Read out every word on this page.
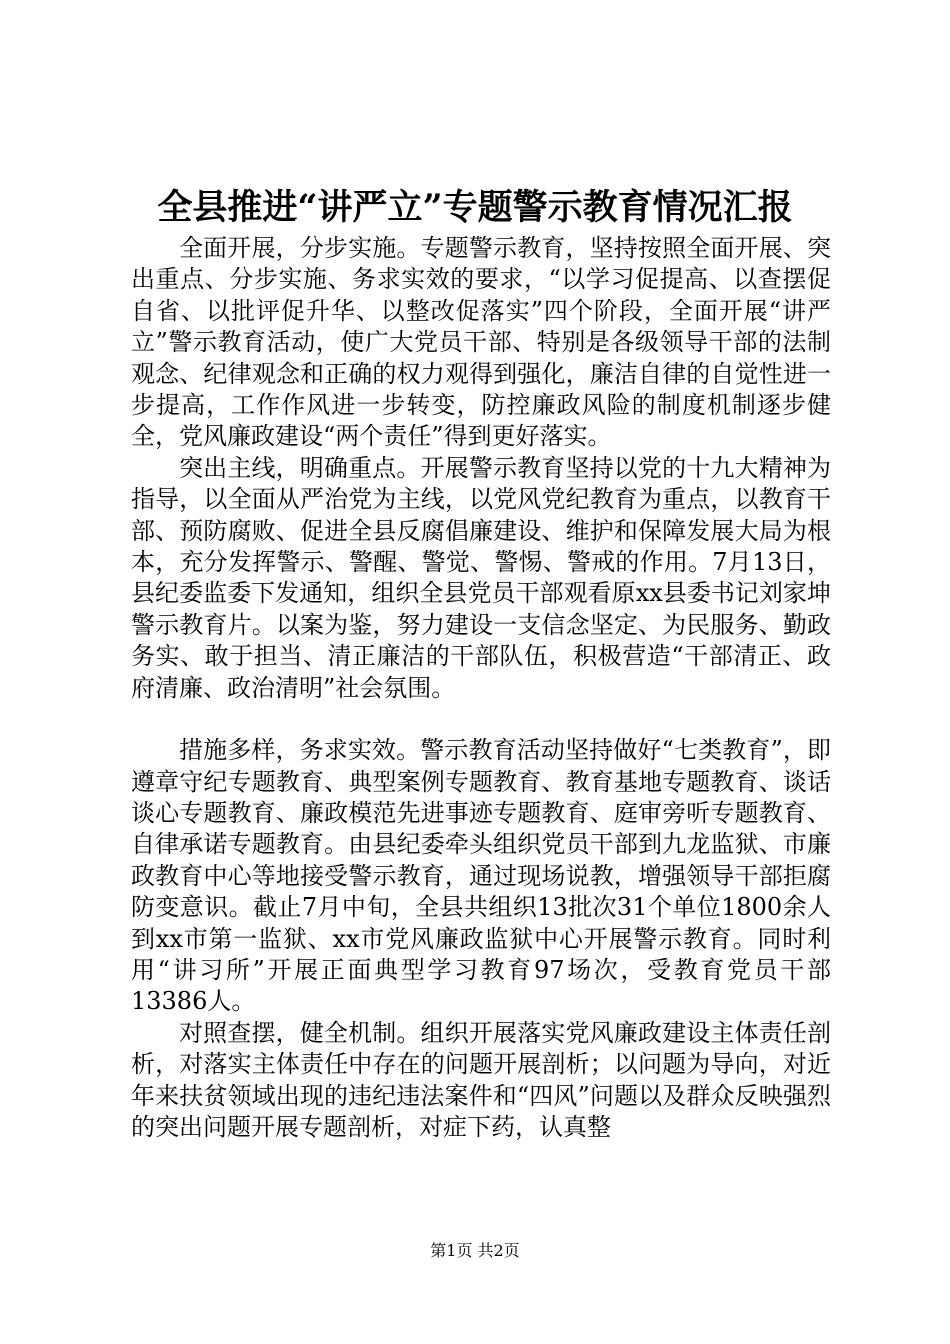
全县推进“讲严立”专题警示教育情况汇报

全面开展，分步实施。专题警示教育，坚持按照全面开展、突出重点、分步实施、务求实效的要求，“以学习促提高、以查摆促自省、以批评促升华、以整改促落实”四个阶段，全面开展“讲严立”警示教育活动，使广大党员干部、特别是各级领导干部的法制观念、纪律观念和正确的权力观得到强化，廉洁自律的自觉性进一步提高，工作作风进一步转变，防控廉政风险的制度机制逐步健全，党风廉政建设“两个责任”得到更好落实。

突出主线，明确重点。开展警示教育坚持以党的十九大精神为指导，以全面从严治党为主线，以党风党纪教育为重点，以教育干部、预防腐败、促进全县反腐倡廉建设、维护和保障发展大局为根本，充分发挥警示、警醒、警觉、警惕、警戒的作用。7月13日，县纪委监委下发通知，组织全县党员干部观看原xx县委书记刘家坤警示教育片。以案为鉴，努力建设一支信念坚定、为民服务、勤政务实、敢于担当、清正廉洁的干部队伍，积极营造“干部清正、政府清廉、政治清明”社会氛围。

措施多样，务求实效。警示教育活动坚持做好“七类教育”，即遵章守纪专题教育、典型案例专题教育、教育基地专题教育、谈话谈心专题教育、廉政模范先进事迹专题教育、庭审旁听专题教育、自律承诺专题教育。由县纪委牵头组织党员干部到九龙监狱、市廉政教育中心等地接受警示教育，通过现场说教，增强领导干部拒腐防变意识。截止7月中旬，全县共组织13批次31个单位1800余人到xx市第一监狱、xx市党风廉政监狱中心开展警示教育。同时利用“讲习所”开展正面典型学习教育97场次，受教育党员干部13386人。

对照查摆，健全机制。组织开展落实党风廉政建设主体责任剖析，对落实主体责任中存在的问题开展剖析；以问题为导向，对近年来扶贫领域出现的违纪违法案件和“四风”问题以及群众反映强烈的突出问题开展专题剖析，对症下药，认真整

第1页 共2页
